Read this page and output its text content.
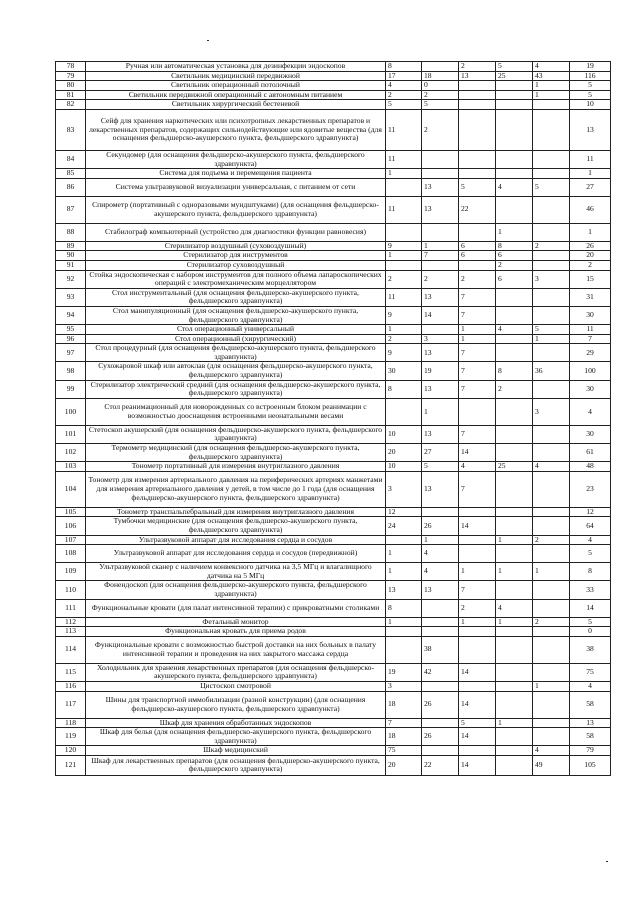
78	Ручная или автоматическая установка для дезинфекции эндоскопов	8		2	5	4	19
79	Светильник медицинский передвижной	17	18	13	25	43	116
80	Светильник операционный потолочный	4	0			1	5
81	Светильник передвижной операционный с автономным питанием	2	2			1	5
82	Светильник хирургический бестеневой	5	5				10
83	Сейф для хранения наркотических или психотропных лекарственных препаратов и лекарственных препаратов, содержащих сильнодействующие или ядовитые вещества (для оснащения фельдшерско-акушерского пункта, фельдшерского здравпункта)	11	2				13
84	Секундомер (для оснащения фельдшерско-акушерского пункта, фельдшерского здравпункта)	11					11
85	Система для подъема и перемещения пациента	1					1
86	Система ультразвуковой визуализации универсальная, с питанием от сети		13	5	4	5	27
87	Спирометр (портативный с одноразовыми мундштуками) (для оснащения фельдшерско-акушерского пункта, фельдшерского здравпункта)	11	13	22			46
88	Стабилограф компьютерный (устройство для диагностики функции равновесия)				1		1
89	Стерилизатор воздушный (суховоздушный)	9	1	6	8	2	26
90	Стерилизатор для инструментов	1	7	6	6		20
91	Стерилизатор суховоздушный				2		2
92	Стойка эндоскопическая с набором инструментов для полного объема лапароскопических операций с электромеханическим морцеллятором	2	2	2	6	3	15
93	Стол инструментальный (для оснащения фельдшерско-акушерского пункта, фельдшерского здравпункта)	11	13	7			31
94	Стол манипуляционный (для оснащения фельдшерско-акушерского пункта, фельдшерского здравпункта)	9	14	7			30
95	Стол операционный универсальный	1		1	4	5	11
96	Стол операционный (хирургический)	2	3	1		1	7
97	Стол процедурный (для оснащения фельдшерско-акушерского пункта, фельдшерского здравпункта)	9	13	7			29
98	Сухожаровой шкаф или автоклав (для оснащения фельдшерско-акушерского пункта, фельдшерского здравпункта)	30	19	7	8	36	100
99	Стерилизатор электрический средний (для оснащения фельдшерско-акушерского пункта, фельдшерского здравпункта)	8	13	7	2		30
100	Стол реанимационный для новорожденных со встроенным блоком реанимации с возможностью дооснащения встроенными неонатальными весами		1			3	4
101	Стетоскоп акушерский (для оснащения фельдшерско-акушерского пункта, фельдшерского здравпункта)	10	13	7			30
102	Термометр медицинский (для оснащения фельдшерско-акушерского пункта, фельдшерского здравпункта)	20	27	14			61
103	Тонометр портативный для измерения внутриглазного давления	10	5	4	25	4	48
104	Тонометр для измерения артериального давления на периферических артериях манжетами для измерения артериального давления у детей, в том числе до 1 года (для оснащения фельдшерско-акушерского пункта, фельдшерского здравпункта)	3	13	7			23
105	Тонометр транспальпебральный для измерения внутриглазного давления	12					12
106	Тумбочки медицинские (для оснащения фельдшерско-акушерского пункта, фельдшерского здравпункта)	24	26	14			64
107	Ультразвуковой аппарат для исследования сердца и сосудов		1		1	2	4
108	Ультразвуковой аппарат для исследования сердца и сосудов (передвижной)	1	4				5
109	Ультразвуковой сканер с наличием конвексного датчика на 3,5 МГц и влагалищного датчика на 5 МГц	1	4	1	1	1	8
110	Фонендоскоп (для оснащения фельдшерско-акушерского пункта, фельдшерского здравпункта)	13	13	7			33
111	Функциональные кровати (для палат интенсивной терапии) с прикроватными столиками	8		2	4		14
112	Фетальный монитор	1		1	1	2	5
113	Функциональная кровать для приема родов						0
114	Функциональные кровати с возможностью быстрой доставки на них больных в палату интенсивной терапии и проведения на них закрытого массажа сердца		38				38
115	Холодильник для хранения лекарственных препаратов (для оснащения фельдшерско-акушерского пункта, фельдшерского здравпункта)	19	42	14			75
116	Цистоскоп смотровой	3				1	4
117	Шины для транспортной иммобилизации (разной конструкции) (для оснащения фельдшерско-акушерского пункта, фельдшерского здравпункта)	18	26	14			58
118	Шкаф для хранения обработанных эндоскопов	7		5	1		13
119	Шкаф для белья (для оснащения фельдшерско-акушерского пункта, фельдшерского здравпункта)	18	26	14			58
120	Шкаф медицинский	75				4	79
121	Шкаф для лекарственных препаратов (для оснащения фельдшерско-акушерского пункта, фельдшерского здравпункта)	20	22	14		49	105
